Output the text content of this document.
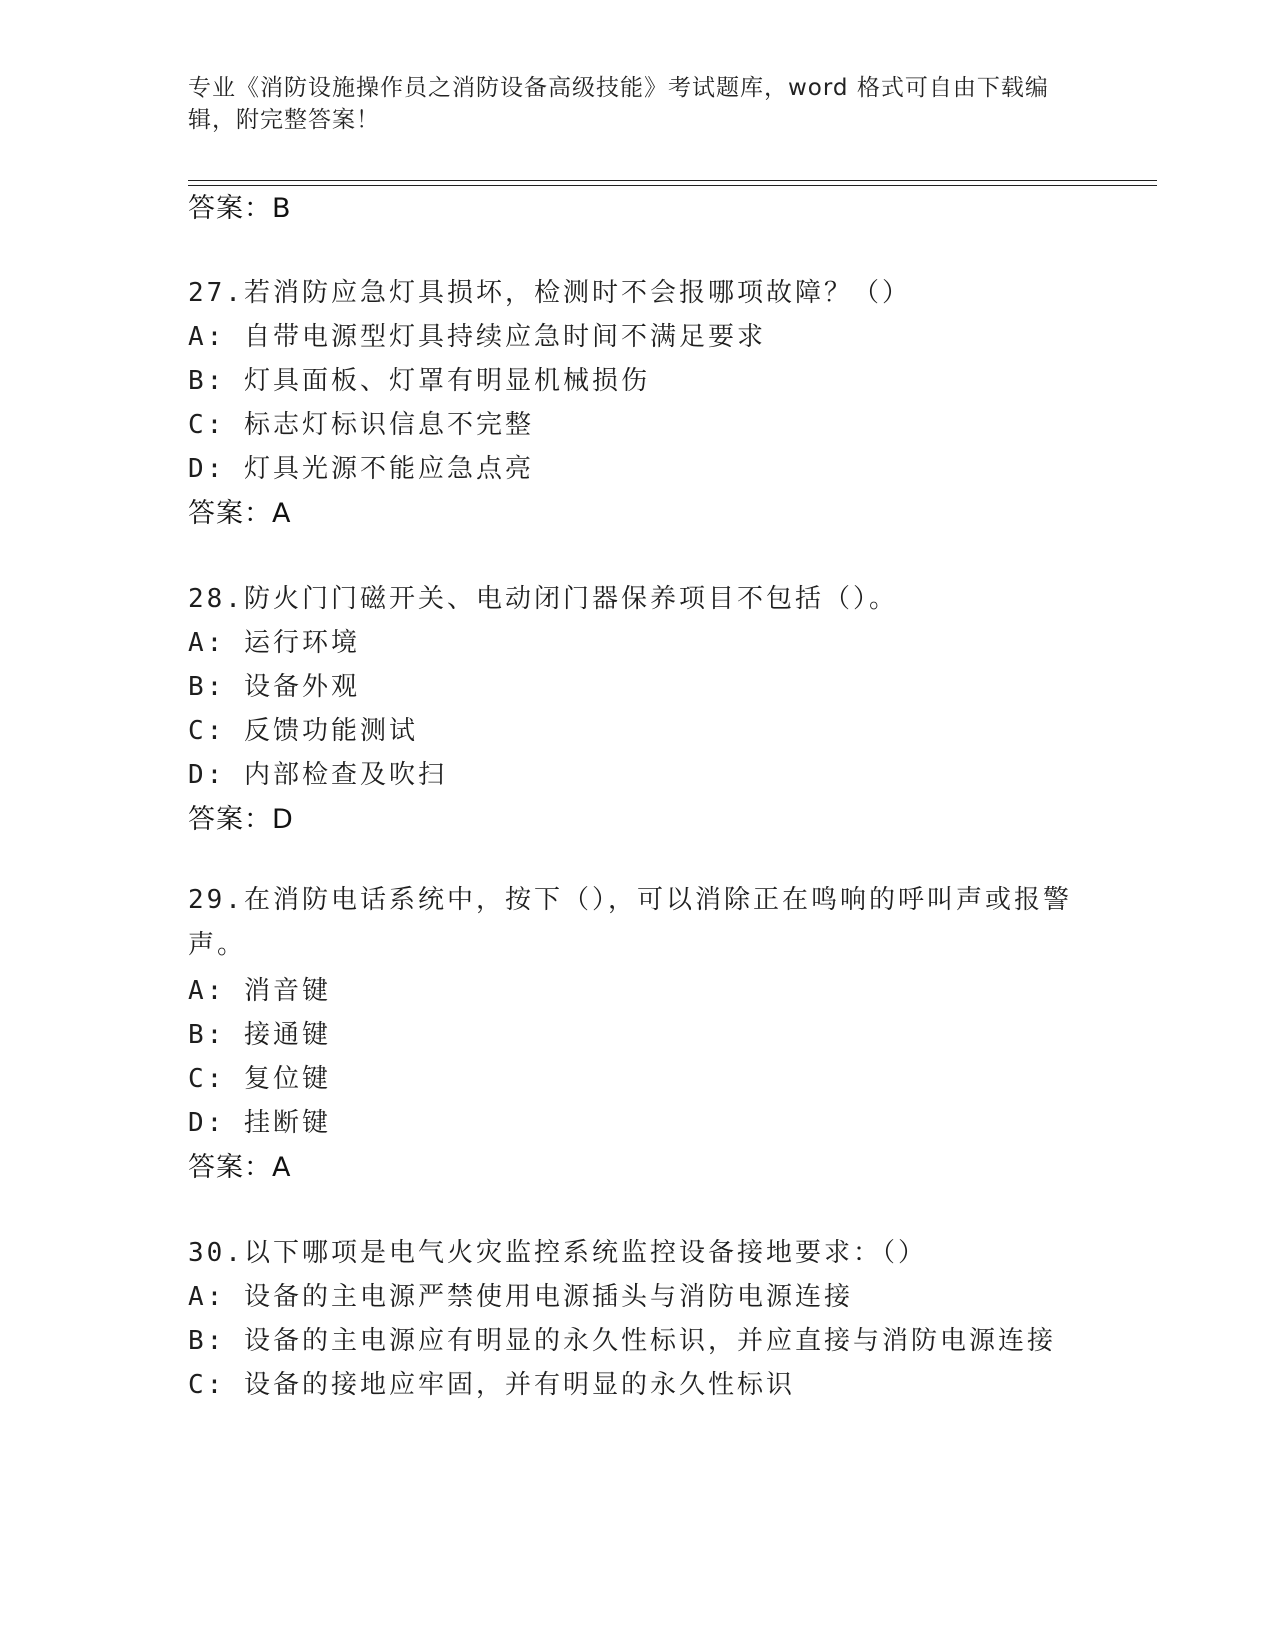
专业《消防设施操作员之消防设备高级技能》考试题库，word 格式可自由下载编辑，附完整答案！
答案：B
27.若消防应急灯具损坏，检测时不会报哪项故障？（）
A: 自带电源型灯具持续应急时间不满足要求
B: 灯具面板、灯罩有明显机械损伤
C: 标志灯标识信息不完整
D: 灯具光源不能应急点亮
答案：A
28.防火门门磁开关、电动闭门器保养项目不包括（）。
A: 运行环境
B: 设备外观
C: 反馈功能测试
D: 内部检查及吹扫
答案：D
29.在消防电话系统中，按下（），可以消除正在鸣响的呼叫声或报警声。
A: 消音键
B: 接通键
C: 复位键
D: 挂断键
答案：A
30.以下哪项是电气火灾监控系统监控设备接地要求：（）
A: 设备的主电源严禁使用电源插头与消防电源连接
B: 设备的主电源应有明显的永久性标识，并应直接与消防电源连接
C: 设备的接地应牢固，并有明显的永久性标识
